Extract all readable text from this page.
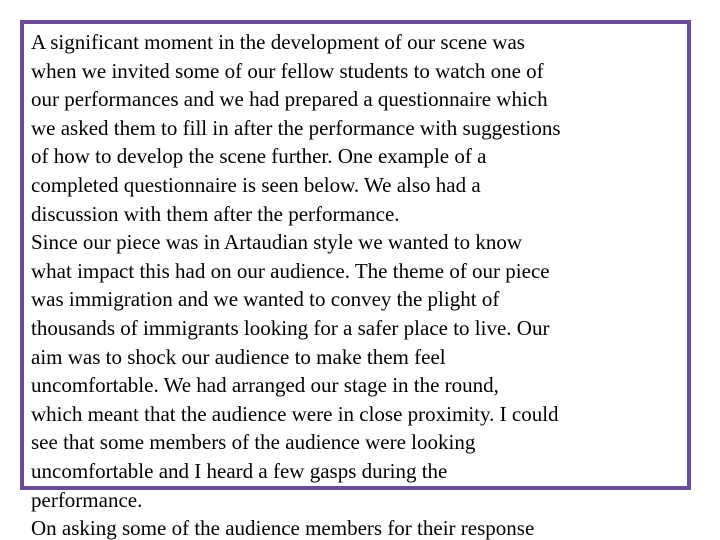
A significant moment in the development of our scene was
when we invited some of our fellow students to watch one of
our performances and we had prepared a questionnaire which
we asked them to fill in after the performance with suggestions
of how to develop the scene further. One example of a
completed questionnaire is seen below. We also had a
discussion with them after the performance.
Since our piece was in Artaudian style we wanted to know
what impact this had on our audience. The theme of our piece
was immigration and we wanted to convey the plight of
thousands of immigrants looking for a safer place to live. Our
aim was to shock our audience to make them feel
uncomfortable. We had arranged our stage in the round,
which meant that the audience were in close proximity. I could
see that some members of the audience were looking
uncomfortable and I heard a few gasps during the
performance.
On asking some of the audience members for their response
